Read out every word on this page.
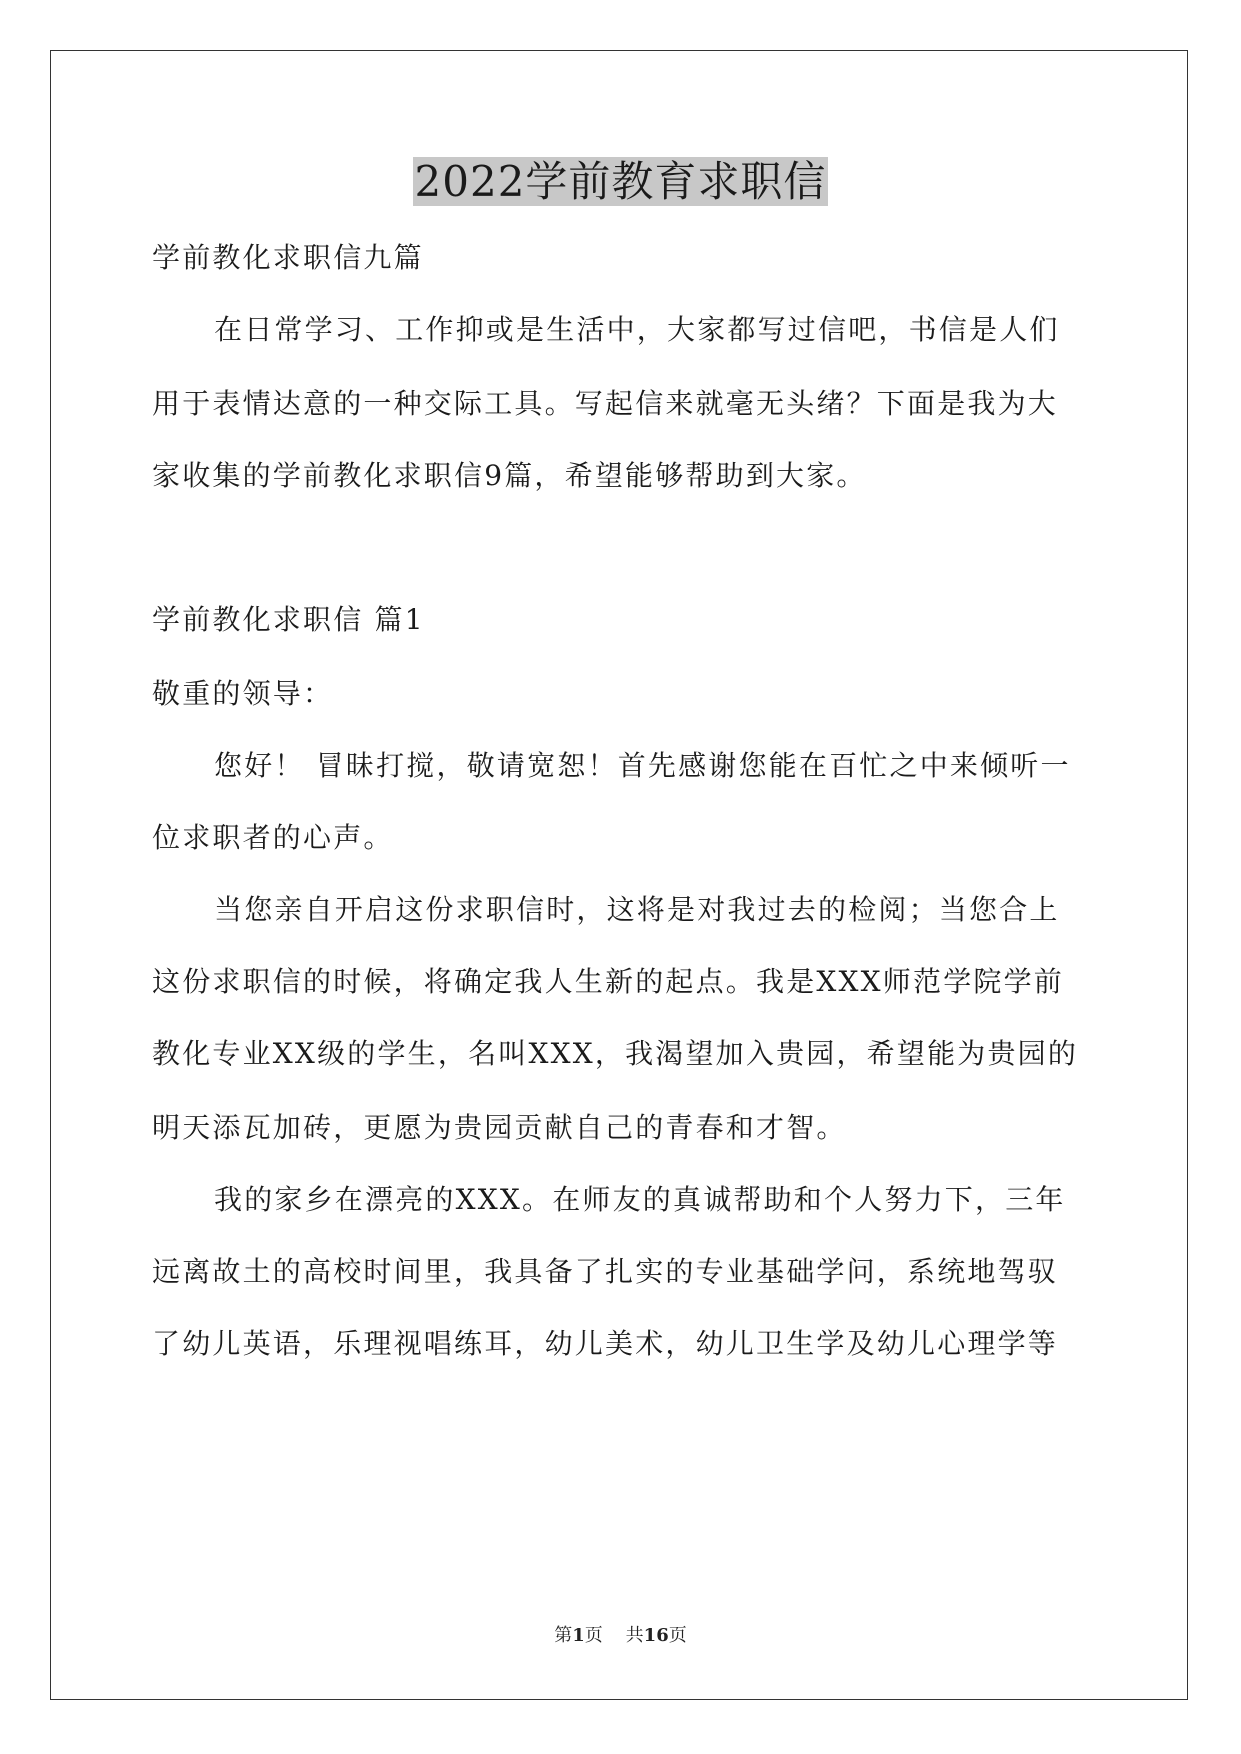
2022学前教育求职信
学前教化求职信九篇
在日常学习、工作抑或是生活中，大家都写过信吧，书信是人们
用于表情达意的一种交际工具。写起信来就毫无头绪？下面是我为大
家收集的学前教化求职信9篇，希望能够帮助到大家。
学前教化求职信 篇1
敬重的领导：
您好！ 冒昧打搅，敬请宽恕！首先感谢您能在百忙之中来倾听一
位求职者的心声。
当您亲自开启这份求职信时，这将是对我过去的检阅；当您合上
这份求职信的时候，将确定我人生新的起点。我是XXX师范学院学前
教化专业XX级的学生，名叫XXX，我渴望加入贵园，希望能为贵园的
明天添瓦加砖，更愿为贵园贡献自己的青春和才智。
我的家乡在漂亮的XXX。在师友的真诚帮助和个人努力下，三年
远离故土的高校时间里，我具备了扎实的专业基础学问，系统地驾驭
了幼儿英语，乐理视唱练耳，幼儿美术，幼儿卫生学及幼儿心理学等
第1页    共16页
